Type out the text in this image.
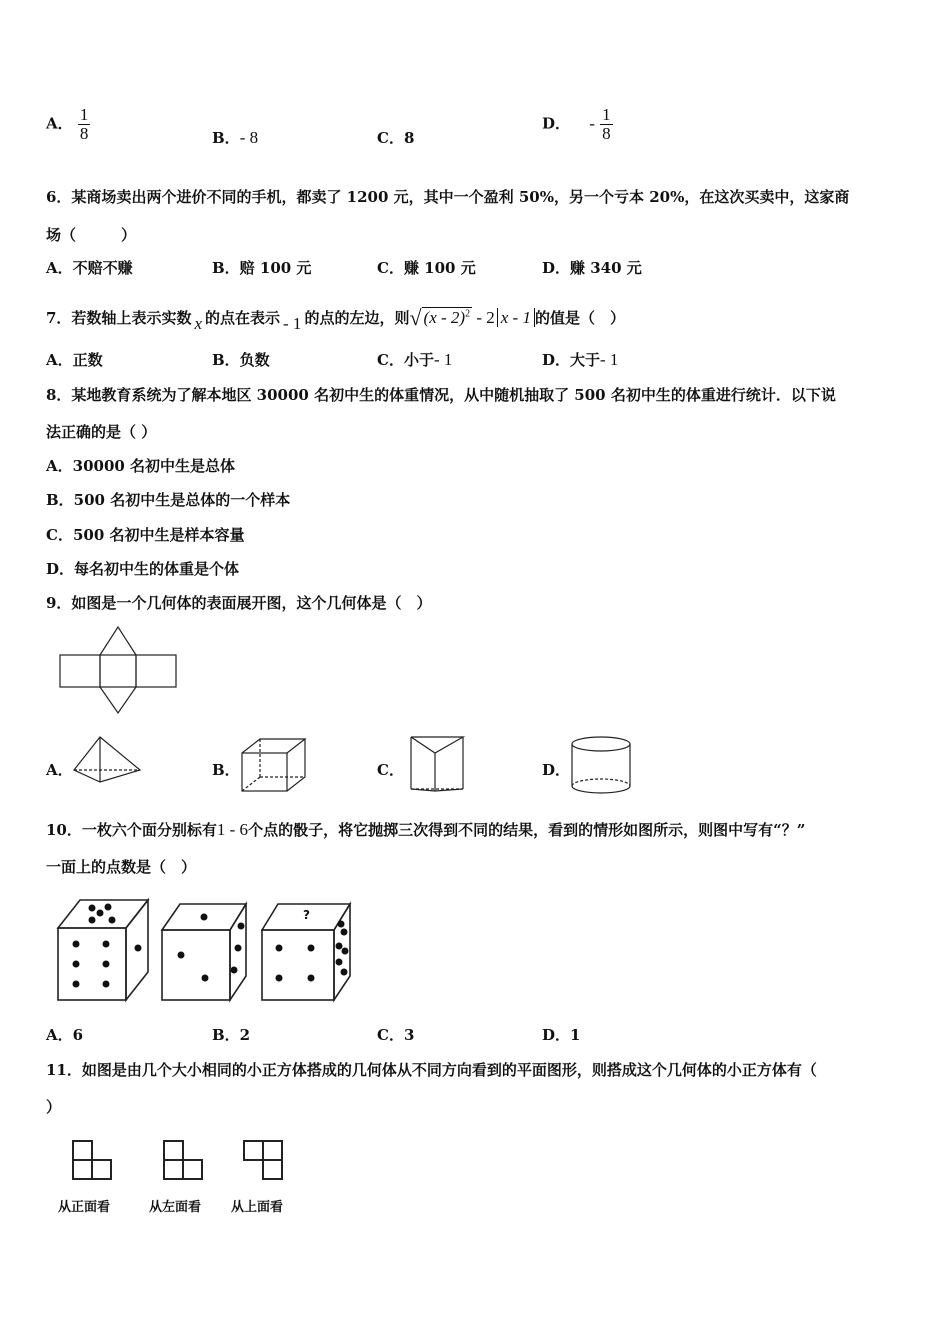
A． $\frac{1}{8}$	B．- 8	C．8
D． - $\frac{1}{8}$
6．某商场卖出两个进价不同的手机，都卖了 1200 元，其中一个盈利 50%，另一个亏本 20%，在这次买卖中，这家商
场（　　　）
A．不赔不赚	B．赔 100 元	C．赚 100 元	D．赚 340 元
7．若数轴上表示实数 x 的点在表示 - 1 的点的左边，则√ (x - 2)$^2$ - 2 x - 1 的值是（　）
A．正数	B．负数	C．小于- 1	D．大于- 1
8．某地教育系统为了解本地区 30000 名初中生的体重情况，从中随机抽取了 500 名初中生的体重进行统计．以下说
法正确的是（ ）
A．30000 名初中生是总体
B．500 名初中生是总体的一个样本
C．500 名初中生是样本容量
D．每名初中生的体重是个体
9．如图是一个几何体的表面展开图，这个几何体是（　）
A．	B．	C．	D．
10．一枚六个面分别标有1 - 6个点的骰子，将它抛掷三次得到不同的结果，看到的情形如图所示，则图中写有“？”
一面上的点数是（　）
?
A．6	B．2	C．3	D．1
11．如图是由几个大小相同的小正方体搭成的几何体从不同方向看到的平面图形，则搭成这个几何体的小正方体有（
）
从正面看	从左面看 从上面看
